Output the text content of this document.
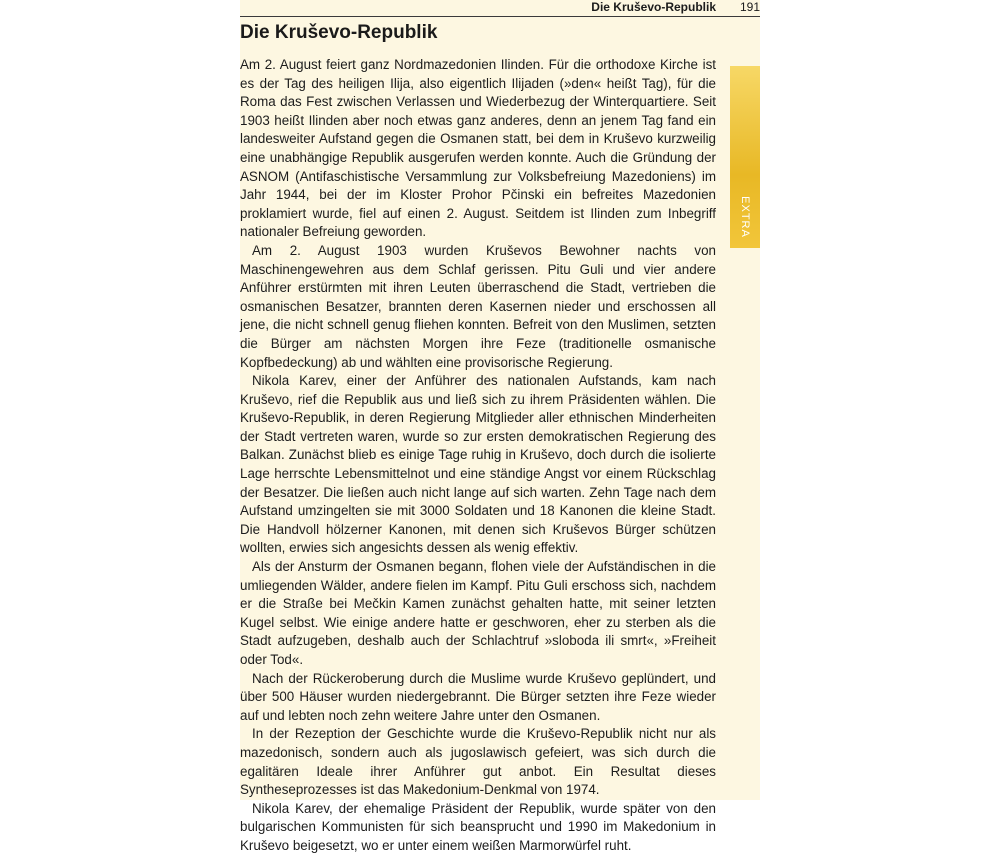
Die Kruševo-Republik 191
Die Kruševo-Republik

Am 2. August feiert ganz Nordmazedonien Ilinden. Für die orthodoxe Kirche ist es der Tag des heiligen Ilija, also eigentlich Ilijaden (»den« heißt Tag), für die Roma das Fest zwischen Verlassen und Wiederbezug der Winterquartiere. Seit 1903 heißt Ilinden aber noch etwas ganz anderes, denn an jenem Tag fand ein landesweiter Aufstand gegen die Osmanen statt, bei dem in Kruševo kurzweilig eine unabhängige Republik ausgerufen werden konnte. Auch die Gründung der ASNOM (Antifaschistische Versammlung zur Volksbefreiung Mazedoniens) im Jahr 1944, bei der im Kloster Prohor Pčinski ein befreites Mazedonien proklamiert wurde, fiel auf einen 2. August. Seitdem ist Ilinden zum Inbegriff nationaler Befreiung geworden.

Am 2. August 1903 wurden Kruševos Bewohner nachts von Maschinengewehren aus dem Schlaf gerissen. Pitu Guli und vier andere Anführer erstürmten mit ihren Leuten überraschend die Stadt, vertrieben die osmanischen Besatzer, brannten deren Kasernen nieder und erschossen all jene, die nicht schnell genug fliehen konnten. Befreit von den Muslimen, setzten die Bürger am nächsten Morgen ihre Feze (traditionelle osmanische Kopfbedeckung) ab und wählten eine provisorische Regierung.

Nikola Karev, einer der Anführer des nationalen Aufstands, kam nach Kruševo, rief die Republik aus und ließ sich zu ihrem Präsidenten wählen. Die Kruševo-Republik, in deren Regierung Mitglieder aller ethnischen Minderheiten der Stadt vertreten waren, wurde so zur ersten demokratischen Regierung des Balkan. Zunächst blieb es einige Tage ruhig in Kruševo, doch durch die isolierte Lage herrschte Lebensmittelnot und eine ständige Angst vor einem Rückschlag der Besatzer. Die ließen auch nicht lange auf sich warten. Zehn Tage nach dem Aufstand umzingelten sie mit 3000 Soldaten und 18 Kanonen die kleine Stadt. Die Handvoll hölzerner Kanonen, mit denen sich Kruševos Bürger schützen wollten, erwies sich angesichts dessen als wenig effektiv.

Als der Ansturm der Osmanen begann, flohen viele der Aufständischen in die umliegenden Wälder, andere fielen im Kampf. Pitu Guli erschoss sich, nachdem er die Straße bei Mečkin Kamen zunächst gehalten hatte, mit seiner letzten Kugel selbst. Wie einige andere hatte er geschworen, eher zu sterben als die Stadt aufzugeben, deshalb auch der Schlachtruf »sloboda ili smrt«, »Freiheit oder Tod«.

Nach der Rückeroberung durch die Muslime wurde Kruševo geplündert, und über 500 Häuser wurden niedergebrannt. Die Bürger setzten ihre Feze wieder auf und lebten noch zehn weitere Jahre unter den Osmanen.

In der Rezeption der Geschichte wurde die Kruševo-Republik nicht nur als mazedonisch, sondern auch als jugoslawisch gefeiert, was sich durch die egalitären Ideale ihrer Anführer gut anbot. Ein Resultat dieses Syntheseprozesses ist das Makedonium-Denkmal von 1974.

Nikola Karev, der ehemalige Präsident der Republik, wurde später von den bulgarischen Kommunisten für sich beansprucht und 1990 im Makedonium in Kruševo beigesetzt, wo er unter einem weißen Marmorwürfel ruht.

EXTRA
